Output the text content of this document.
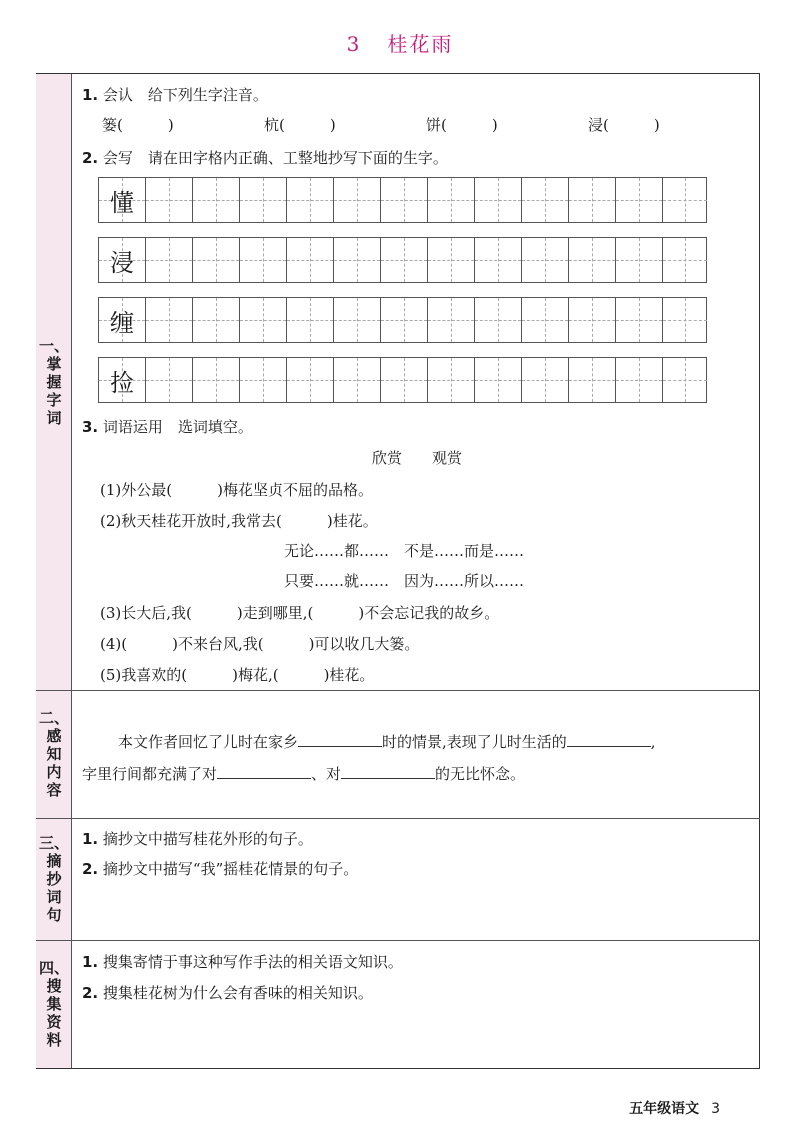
3 桂花雨
一、
掌
握
字
词
二、
感
知
内
容
三、
摘
抄
词
句
四、
搜
集
资
料
1. 会认　给下列生字注音。
篓(　　　)	杭(　　　)	饼(　　　)	浸(　　　)
2. 会写　请在田字格内正确、工整地抄写下面的生字。
懂
浸
缠
捡
3. 词语运用　选词填空。
欣赏　　观赏
(1)外公最(　　　)梅花坚贞不屈的品格。
(2)秋天桂花开放时,我常去(　　　)桂花。
无论……都……　不是……而是……
只要……就……　因为……所以……
(3)长大后,我(　　　)走到哪里,(　　　)不会忘记我的故乡。
(4)(　　　)不来台风,我(　　　)可以收几大篓。
(5)我喜欢的(　　　)梅花,(　　　)桂花。
本文作者回忆了儿时在家乡	时的情景,表现了儿时生活的	,
字里行间都充满了对	、对	的无比怀念。
1. 摘抄文中描写桂花外形的句子。
2. 摘抄文中描写“我”摇桂花情景的句子。
1. 搜集寄情于事这种写作手法的相关语文知识。
2. 搜集桂花树为什么会有香味的相关知识。
五年级语文 3
